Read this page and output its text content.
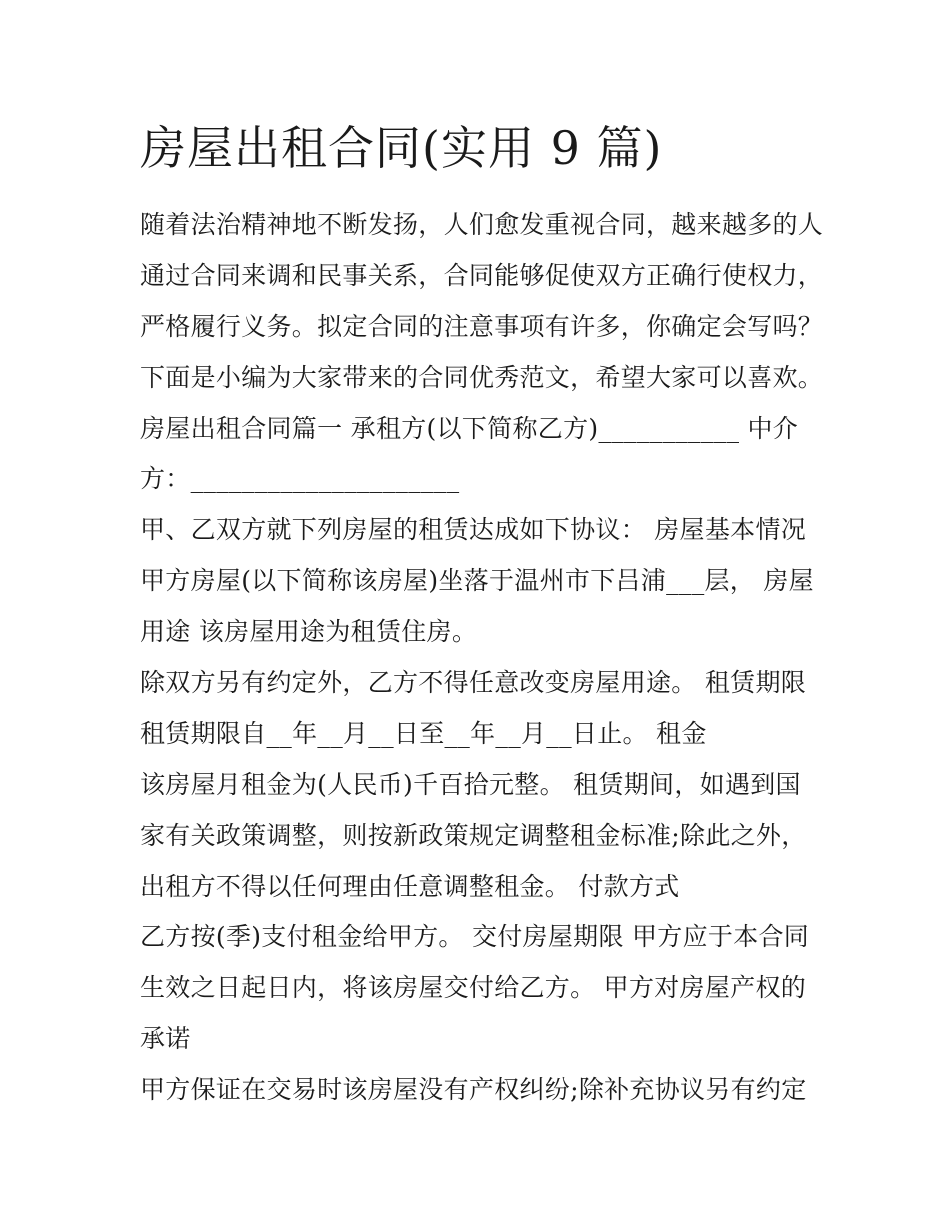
房屋出租合同(实用 9 篇)
随着法治精神地不断发扬，人们愈发重视合同，越来越多的人
通过合同来调和民事关系，合同能够促使双方正确行使权力，
严格履行义务。拟定合同的注意事项有许多，你确定会写吗？
下面是小编为大家带来的合同优秀范文，希望大家可以喜欢。
房屋出租合同篇一 承租方(以下简称乙方)___________ 中介
方：_____________________
甲、乙双方就下列房屋的租赁达成如下协议： 房屋基本情况
甲方房屋(以下简称该房屋)坐落于温州市下吕浦___层， 房屋
用途 该房屋用途为租赁住房。
除双方另有约定外，乙方不得任意改变房屋用途。 租赁期限
租赁期限自__年__月__日至__年__月__日止。 租金
该房屋月租金为(人民币)千百拾元整。 租赁期间，如遇到国
家有关政策调整，则按新政策规定调整租金标准;除此之外，
出租方不得以任何理由任意调整租金。 付款方式
乙方按(季)支付租金给甲方。 交付房屋期限 甲方应于本合同
生效之日起日内，将该房屋交付给乙方。 甲方对房屋产权的
承诺
甲方保证在交易时该房屋没有产权纠纷;除补充协议另有约定
